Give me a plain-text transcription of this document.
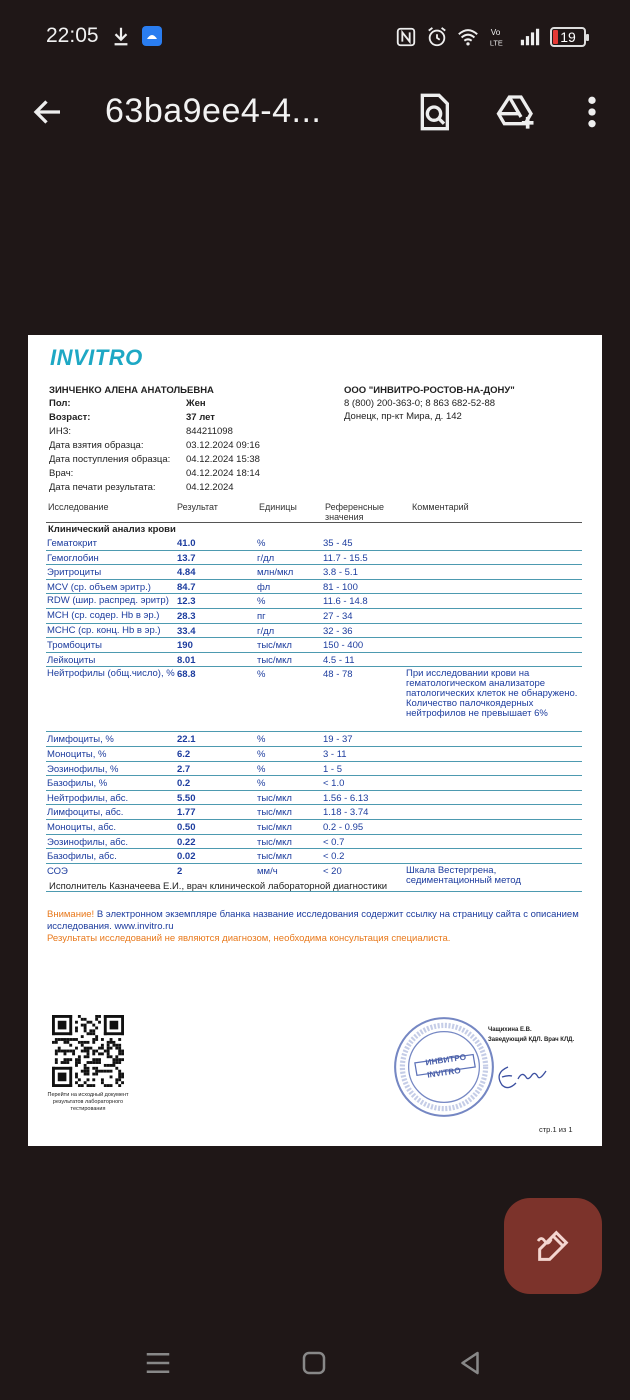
22:05	Vo
LTE	19
63ba9ee4-4...
INVITRO
ЗИНЧЕНКО АЛЕНА АНАТОЛЬЕВНА
Пол:	Жен
Возраст:	37 лет
ИНЗ:	844211098
Дата взятия образца:	03.12.2024 09:16
Дата поступления образца: 04.12.2024 15:38
Врач:	04.12.2024 18:14
Дата печати результата:	04.12.2024
ООО "ИНВИТРО-РОСТОВ-НА-ДОНУ"
8 (800) 200-363-0; 8 863 682-52-88
Донецк, пр-кт Мира, д. 142
Исследование	Результат	Единицы	Референсные
значения
Комментарий
Клинический анализ крови
Гематокрит	41.0	%	35 - 45
Гемоглобин	13.7	г/дл	11.7 - 15.5
Эритроциты	4.84	млн/мкл	3.8 - 5.1
MCV (ср. объем эритр.)	84.7	фл	81 - 100
RDW (шир. распред. эритр) 12.3	%	11.6 - 14.8
MCH (ср. содер. Hb в эр.)	28.3	пг	27 - 34
MCHC (ср. конц. Hb в эр.)	33.4	г/дл	32 - 36
Тромбоциты	190	тыс/мкл	150 - 400
Лейкоциты	8.01	тыс/мкл	4.5 - 11
Нейтрофилы (общ.число), % 68.8	%	48 - 78	При исследовании крови на гематологическом анализаторе патологических клеток не обнаружено. Количество палочкоядерных нейтрофилов не превышает 6%
Лимфоциты, %	22.1	%	19 - 37
Моноциты, %	6.2	%	3 - 11
Эозинофилы, %	2.7	%	1 - 5
Базофилы, %	0.2	%	< 1.0
Нейтрофилы, абс.	5.50	тыс/мкл	1.56 - 6.13
Лимфоциты, абс.	1.77	тыс/мкл	1.18 - 3.74
Моноциты, абс.	0.50	тыс/мкл	0.2 - 0.95
Эозинофилы, абс.	0.22	тыс/мкл	< 0.7
Базофилы, абс.	0.02	тыс/мкл	< 0.2
СОЭ	2	мм/ч	< 20	Шкала Вестергрена, седиментационный метод
Исполнитель Казначеева Е.И., врач клинической лабораторной диагностики
Внимание! В электронном экземпляре бланка название исследования содержит ссылку на страницу сайта с описанием исследования. www.invitro.ru
Результаты исследований не являются диагнозом, необходима консультация специалиста.
Перейти на исходный документ результатов лабораторного тестирования
ИНВИТРО
INVITRO
Чащихина Е.В.
Заведующий КДЛ. Врач КЛД.
стр.1 из 1
